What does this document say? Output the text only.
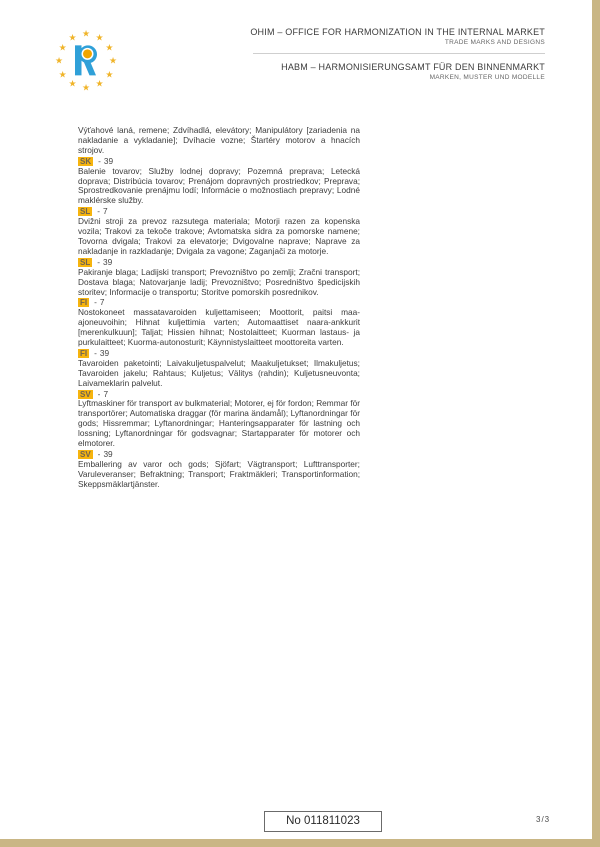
★ ★
★
★
★
★
★
★
★
★
★
★
OHIM – OFFICE FOR HARMONIZATION IN THE INTERNAL MARKET
TRADE MARKS AND DESIGNS
HABM – HARMONISIERUNGSAMT FÜR DEN BINNENMARKT
MARKEN, MUSTER UND MODELLE

Výťahové laná, remene; Zdvíhadlá, elevátory; Manipulátory [zariadenia na nakladanie a vykladanie]; Dvíhacie vozne; Štartéry motorov a hnacích strojov.

SK - 39

Balenie tovarov; Služby lodnej dopravy; Pozemná preprava; Letecká doprava; Distribúcia tovarov; Prenájom dopravných prostriedkov; Preprava; Sprostredkovanie prenájmu lodí; Informácie o možnostiach prepravy; Lodné maklérske služby.

SL - 7

Dvižni stroji za prevoz razsutega materiala; Motorji razen za kopenska vozila; Trakovi za tekoče trakove; Avtomatska sidra za pomorske namene; Tovorna dvigala; Trakovi za elevatorje; Dvigovalne naprave; Naprave za nakladanje in razkladanje; Dvigala za vagone; Zaganjači za motorje.

SL - 39

Pakiranje blaga; Ladijski transport; Prevozništvo po zemlji; Zračni transport; Dostava blaga; Natovarjanje ladij; Prevozništvo; Posredništvo špedicijskih storitev; Informacije o transportu; Storitve pomorskih posrednikov.

FI - 7

Nostokoneet massatavaroiden kuljettamiseen; Moottorit, paitsi maa-ajoneuvoihin; Hihnat kuljettimia varten; Automaattiset naara-ankkurit [merenkulkuun]; Taljat; Hissien hihnat; Nostolaitteet; Kuorman lastaus- ja purkulaitteet; Kuorma-autonosturit; Käynnistyslaitteet moottoreita varten.

FI - 39

Tavaroiden paketointi; Laivakuljetuspalvelut; Maakuljetukset; Ilmakuljetus; Tavaroiden jakelu; Rahtaus; Kuljetus; Välitys (rahdin); Kuljetusneuvonta; Laivameklarin palvelut.

SV - 7

Lyftmaskiner för transport av bulkmaterial; Motorer, ej för fordon; Remmar för transportörer; Automatiska draggar (för marina ändamål); Lyftanordningar för gods; Hissremmar; Lyftanordningar; Hanteringsapparater för lastning och lossning; Lyftanordningar för godsvagnar; Startapparater för motorer och elmotorer.

SV - 39

Emballering av varor och gods; Sjöfart; Vägtransport; Lufttransporter; Varuleveranser; Befraktning; Transport; Fraktmäkleri; Transportinformation; Skeppsmäklartjänster.

No 011811023	3/3
